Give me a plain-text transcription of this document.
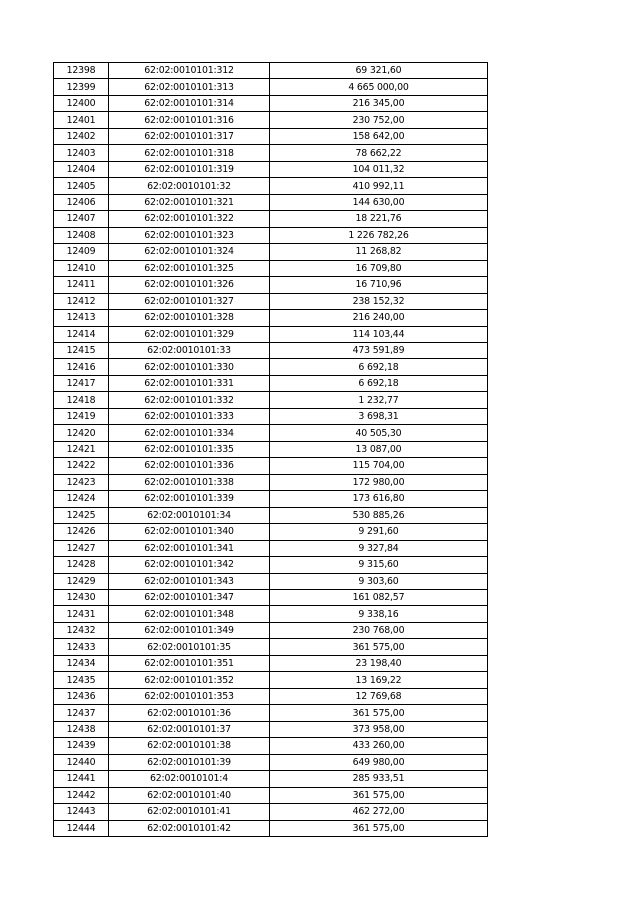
12398	62:02:0010101:312	69 321,60
12399	62:02:0010101:313	4 665 000,00
12400	62:02:0010101:314	216 345,00
12401	62:02:0010101:316	230 752,00
12402	62:02:0010101:317	158 642,00
12403	62:02:0010101:318	78 662,22
12404	62:02:0010101:319	104 011,32
12405	62:02:0010101:32	410 992,11
12406	62:02:0010101:321	144 630,00
12407	62:02:0010101:322	18 221,76
12408	62:02:0010101:323	1 226 782,26
12409	62:02:0010101:324	11 268,82
12410	62:02:0010101:325	16 709,80
12411	62:02:0010101:326	16 710,96
12412	62:02:0010101:327	238 152,32
12413	62:02:0010101:328	216 240,00
12414	62:02:0010101:329	114 103,44
12415	62:02:0010101:33	473 591,89
12416	62:02:0010101:330	6 692,18
12417	62:02:0010101:331	6 692,18
12418	62:02:0010101:332	1 232,77
12419	62:02:0010101:333	3 698,31
12420	62:02:0010101:334	40 505,30
12421	62:02:0010101:335	13 087,00
12422	62:02:0010101:336	115 704,00
12423	62:02:0010101:338	172 980,00
12424	62:02:0010101:339	173 616,80
12425	62:02:0010101:34	530 885,26
12426	62:02:0010101:340	9 291,60
12427	62:02:0010101:341	9 327,84
12428	62:02:0010101:342	9 315,60
12429	62:02:0010101:343	9 303,60
12430	62:02:0010101:347	161 082,57
12431	62:02:0010101:348	9 338,16
12432	62:02:0010101:349	230 768,00
12433	62:02:0010101:35	361 575,00
12434	62:02:0010101:351	23 198,40
12435	62:02:0010101:352	13 169,22
12436	62:02:0010101:353	12 769,68
12437	62:02:0010101:36	361 575,00
12438	62:02:0010101:37	373 958,00
12439	62:02:0010101:38	433 260,00
12440	62:02:0010101:39	649 980,00
12441	62:02:0010101:4	285 933,51
12442	62:02:0010101:40	361 575,00
12443	62:02:0010101:41	462 272,00
12444	62:02:0010101:42	361 575,00
